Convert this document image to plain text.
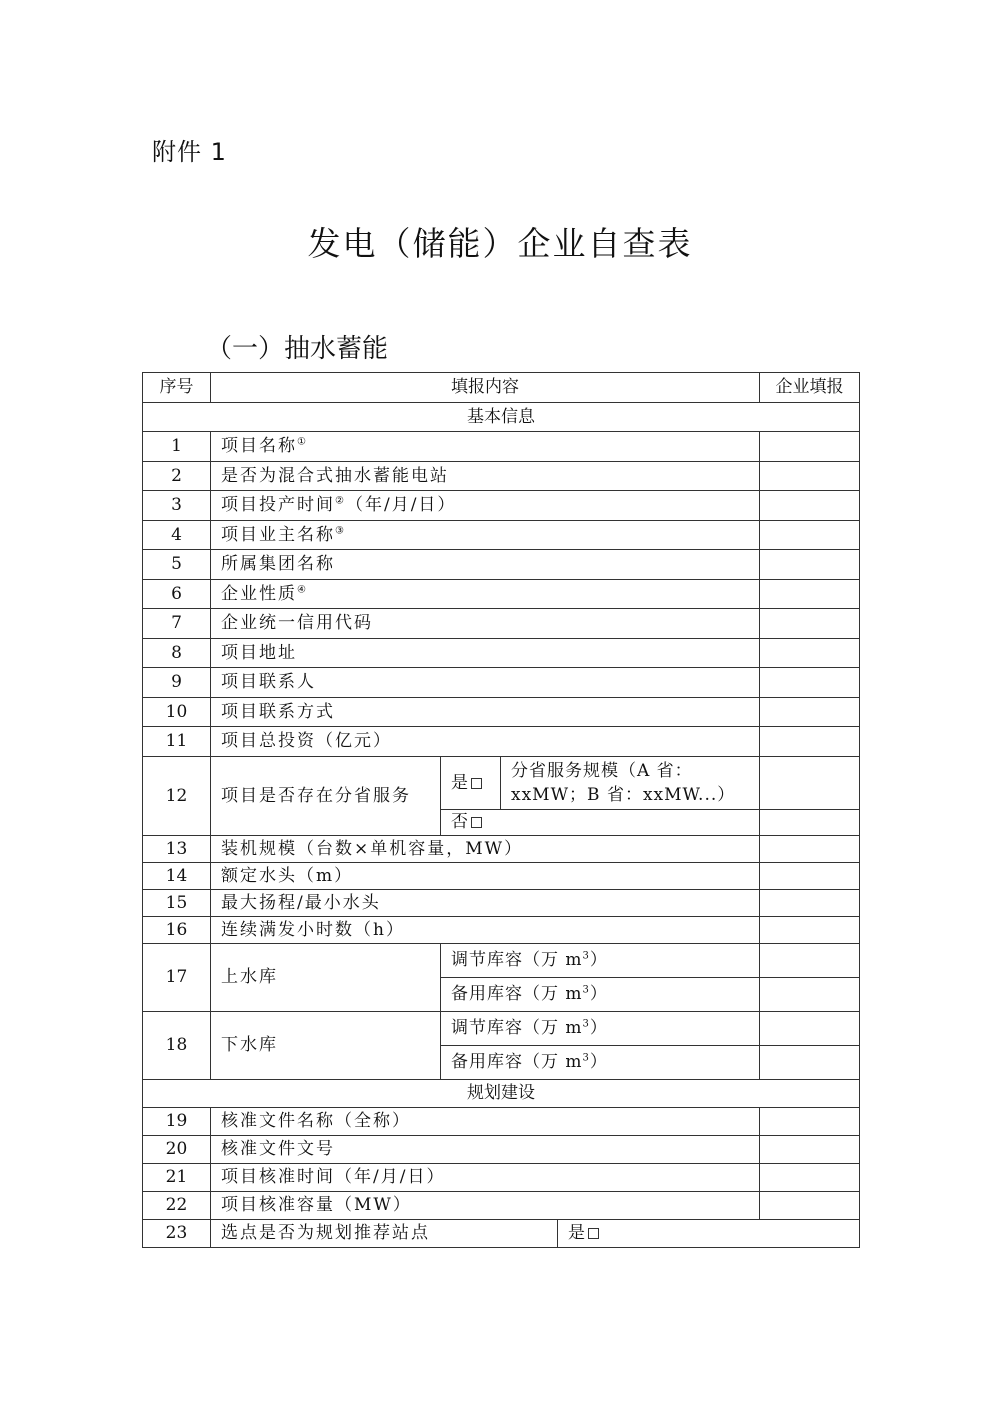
附件 1
发电（储能）企业自查表
（一）抽水蓄能
序号	填报内容				企业填报
基本信息					
1	项目名称①	
2	是否为混合式抽水蓄能电站				
3	项目投产时间②（年/月/日）				
4	项目业主名称③	
5	所属集团名称				
6	企业性质④	
7	企业统一信用代码				
8	项目地址				
9	项目联系人				
10	项目联系方式				
11	项目总投资（亿元）				
12	项目是否存在分省服务	是	分省服务规模（A 省：
xxMW；B 省：xxMW...）		

		否			
13	装机规模（台数×单机容量，MW）				
14	额定水头（m）				
15	最大扬程/最小水头				
16	连续满发小时数（h）				
17	上水库	调节库容（万 $m^3$）			
		备用库容（万 $m^3$）			
18	下水库	调节库容（万 $m^3$）			
		备用库容（万 $m^3$）			
规划建设					
19	核准文件名称（全称）				
20	核准文件文号				
21	项目核准时间（年/月/日）				
22	项目核准容量（MW）				
23	选点是否为规划推荐站点			是	
